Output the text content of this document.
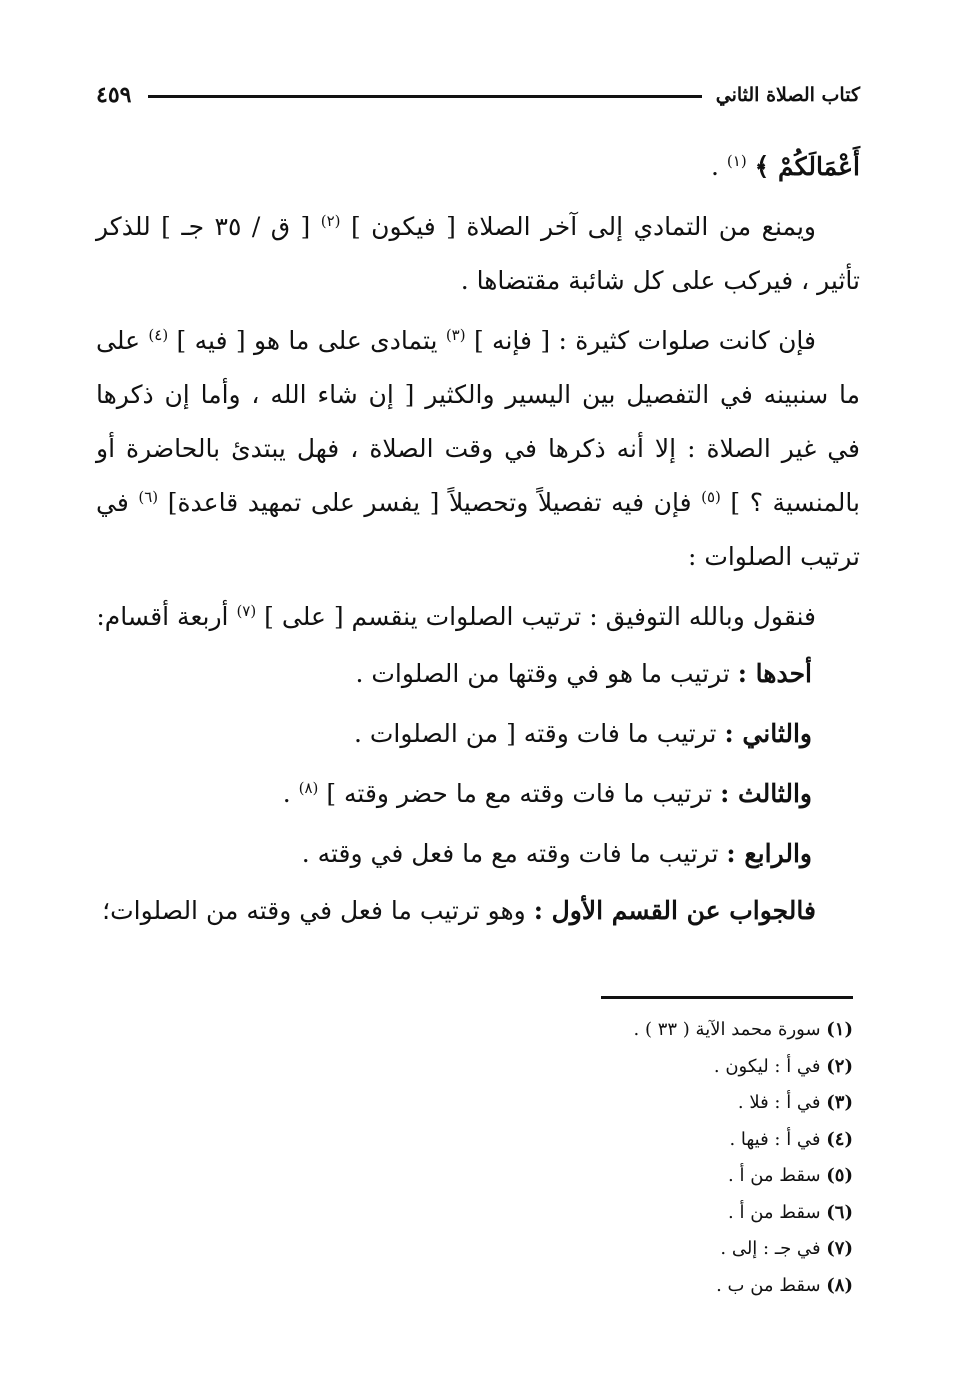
كتاب الصلاة الثاني
٤٥٩

أَعْمَالَكُمْ ﴾ $^{(١)}$ .

ويمنع من التمادي إلى آخر الصلاة [ فيكون ] $^{(٢)}$ [ ق / ٣٥ جـ ] للذكر تأثير ، فيركب على كل شائبة مقتضاها .

فإن كانت صلوات كثيرة : [ فإنه ] $^{(٣)}$ يتمادى على ما هو [ فيه ] $^{(٤)}$ على ما سنبينه في التفصيل بين اليسير والكثير [ إن شاء الله ، وأما إن ذكرها في غير الصلاة : إلا أنه ذكرها في وقت الصلاة ، فهل يبتدئ بالحاضرة أو بالمنسية ؟ ] $^{(٥)}$ فإن فيه تفصيلاً وتحصيلاً [ يفسر على تمهيد قاعدة] $^{(٦)}$ في ترتيب الصلوات :

فنقول وبالله التوفيق : ترتيب الصلوات ينقسم [ على ] $^{(٧)}$ أربعة أقسام:

أحدها : ترتيب ما هو في وقتها من الصلوات .

والثاني : ترتيب ما فات وقته [ من الصلوات .

والثالث : ترتيب ما فات وقته مع ما حضر وقته ] $^{(٨)}$ .

والرابع : ترتيب ما فات وقته مع ما فعل في وقته .

فالجواب عن القسم الأول : وهو ترتيب ما فعل في وقته من الصلوات؛

(١) سورة محمد الآية ( ٣٣ ) .

(٢) في أ : ليكون .

(٣) في أ : فلا .

(٤) في أ : فيها .

(٥) سقط من أ .

(٦) سقط من أ .

(٧) في جـ : إلى .

(٨) سقط من ب .
